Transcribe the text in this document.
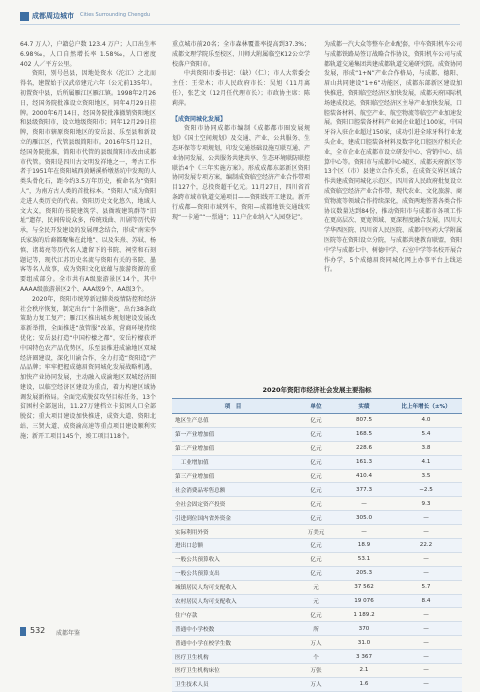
成都周边城市 Cities Surrounding Chengdu

64.7 万人），户籍总户数 123.4 万户；人口出生率 6.98‰，人口自然增长率 1.58‰，人口密度 402 人／平方公里。

资阳，别号邑县，因地处资水（沱江）之北而得名，建置始于汉武帝建元六年（公元前135年）。初置资中县，后所属雁江区雁江镇。1998年2月26日，经国务院批准设立资阳地区，同年4月29日挂牌。2000年6月14日，经国务院批准撤销资阳地区和县级资阳市，设立地级资阳市；同年12月29日挂牌，资阳市辖原资阳地区的安岳县、乐至县和新设立的雁江区，代管县级简阳市。2016年5月12日，经国务院批准，简阳市代管的县级简阳市改由成都市代管。资阳是四川古文明发祥地之一，考古工作者于1951年在资阳城西黄鳝溪桥墩基坑中发现的人类头骨化石，距今约3.5万年历史，被命名为“资阳人”，为南方古人类的首批标本。“资阳人”成为资阳走进人类历史的代表。资阳历史文化悠久，地域人文大义，资阳的书院建筑学、县衙坡建筑群等“旧址”遗存，民间传说众多，传统戏曲、川剧等历代传承，与全民开发建设的发展理念结合，形成“南宋李氏家族的后裔都聚集在此地”、以及朱熹、苏轼、杨慎、诸葛亮等历代名人遗留下的书院、祠堂和石刻题记等，现代江苏历史名流与资阳有关的书院、墨客等名人故事，成为资阳文化底蕴与旅游资源的重要组成部分。全市共有A级旅游景区14个，其中AAAA级旅游景区2个、AAA级9个、AA级3个。

2020年，资阳市统筹新冠肺炎疫情防控和经济社会秩序恢复，制定出台“十条措施”，出台38条政策助力复工复产；雁江区推出城乡规划建设发展改革新举措，全面推进“放管服”改革，营商环境持续优化；安岳县打造“中国柠檬之都”，安岳柠檬获评中国特色农产品优势区，乐至县推进成渝地区双城经济圈建设，深化川渝合作，全力打造“资阳造”产品品牌；牢牢把握成德眉资同城化发展战略机遇，加快产业协同发展，主动融入成渝地区双城经济圈建设，以临空经济区建设为重点，着力构建区域协调发展新格局。全面完成脱贫攻坚目标任务，13个贫困村全部退出，11.27万建档立卡贫困人口全部脱贫；重大项目建设加快推进，成资大道、资阳北站、三贤大道、成资渝高速等重点项目建设顺利实施；新开工项目145个，竣工项目118个。

重点城市前20名；全市森林覆盖率提高到37.3%；成都文理学院乐至校区、川师大附属临空K12公立学校落户资阳市。

中共资阳市委书记：（缺）（仁）；市人大常委会主任：王荣木；市人民政府市长：吴旭（11月离任），张艺文（12月任代理市长）；市政协主席：陈莉萍。

【成资同城化发展】

资阳市协同成都市编制《成都都市圈发展规划》《国土空间规划》及交通、产业、公共服务、生态环保等专项规划，印发交通基础设施互联互通、产业协同发展、公共服务共建共享、生态环境联防联控联治4个《三年实施方案》。形成成都东部新区资阳协同发展专项方案，编制成资临空经济产业合作带项目127个，总投资超千亿元。11月27日，四川省首条跨市域市轨道交通项目——资阳线开工建设。新开行成都—资阳市域列车，资阳—成都地铁交通线实现“一卡通”“一票通”；11户企业纳入“入园登记”。

为成都一汽大众等整车企业配套，中车资阳机车公司与成都铁路局签订战略合作协议，资阳机车公司与成都轨道交通集团共建成都轨道交通研究院。成资协同发展，形成“1+N”产业合作格局，与成都、德阳、眉山共同建设“1+6”功能区，成都东部新区建设加快推进，资阳临空经济区加快发展，成都天府国际机场建成投运，资阳临空经济区主导产业加快发展，口腔装备材料、航空产业、航空物流等临空产业加速发展。资阳口腔装备材料产业园企业超过100家，中国牙谷入驻企业超过150家，成功引进全球牙科行业龙头企业，建成口腔装备材料及数字化口腔医疗相关企业，全市企业在成都市设立研发中心、营销中心、结算中心等。资阳市与成都中心城区、成都天府新区等13个区（市）县建立合作关系，在成资交界区域合作共建成资同城化示范区，四川省人民政府批复设立成资临空经济产业合作带，现代农业、文化旅游、商贸物流等领域合作持续深化，成资两地签署各类合作协议数量达到84份，推动资阳市与成都市各项工作在更高层次、更宽领域、更深程度融合发展，四川大学华西医院、四川省人民医院、成都中医药大学附属医院等在资阳设立分院，与成都共建教育联盟，资阳中学与成都七中、树德中学、石室中学等名校开展合作办学，5个成德眉资同城化网上办事平台上线运行。

2020年资阳市经济社会发展主要指标
项　目	单位	实绩	比上年增长（±%）
地区生产总值	亿元	807.5	4.0
第一产业增加值	亿元	168.5	5.4
第二产业增加值	亿元	228.6	3.8
　工业增加值	亿元	161.3	4.1
第三产业增加值	亿元	410.4	3.5
社会消费品零售总额	亿元	377.3	−2.5
全社会固定资产投资	亿元	—	9.3
引进到位国内省外资金	亿元	305.0	—
实际利用外资	万美元	—	—
进出口总额	亿元	18.9	22.2
一般公共预算收入	亿元	53.1	—
一般公共预算支出	亿元	205.3	—
城镇居民人均可支配收入	元	37 562	5.7
农村居民人均可支配收入	元	19 076	8.4
住户存款	亿元	1 189.2	—
普通中小学校数	所	370	—
普通中小学在校学生数	万人	31.0	—
医疗卫生机构	个	3 367	—
医疗卫生机构床位	万张	2.1	—
卫生技术人员	万人	1.6	—
532 成都年鉴
